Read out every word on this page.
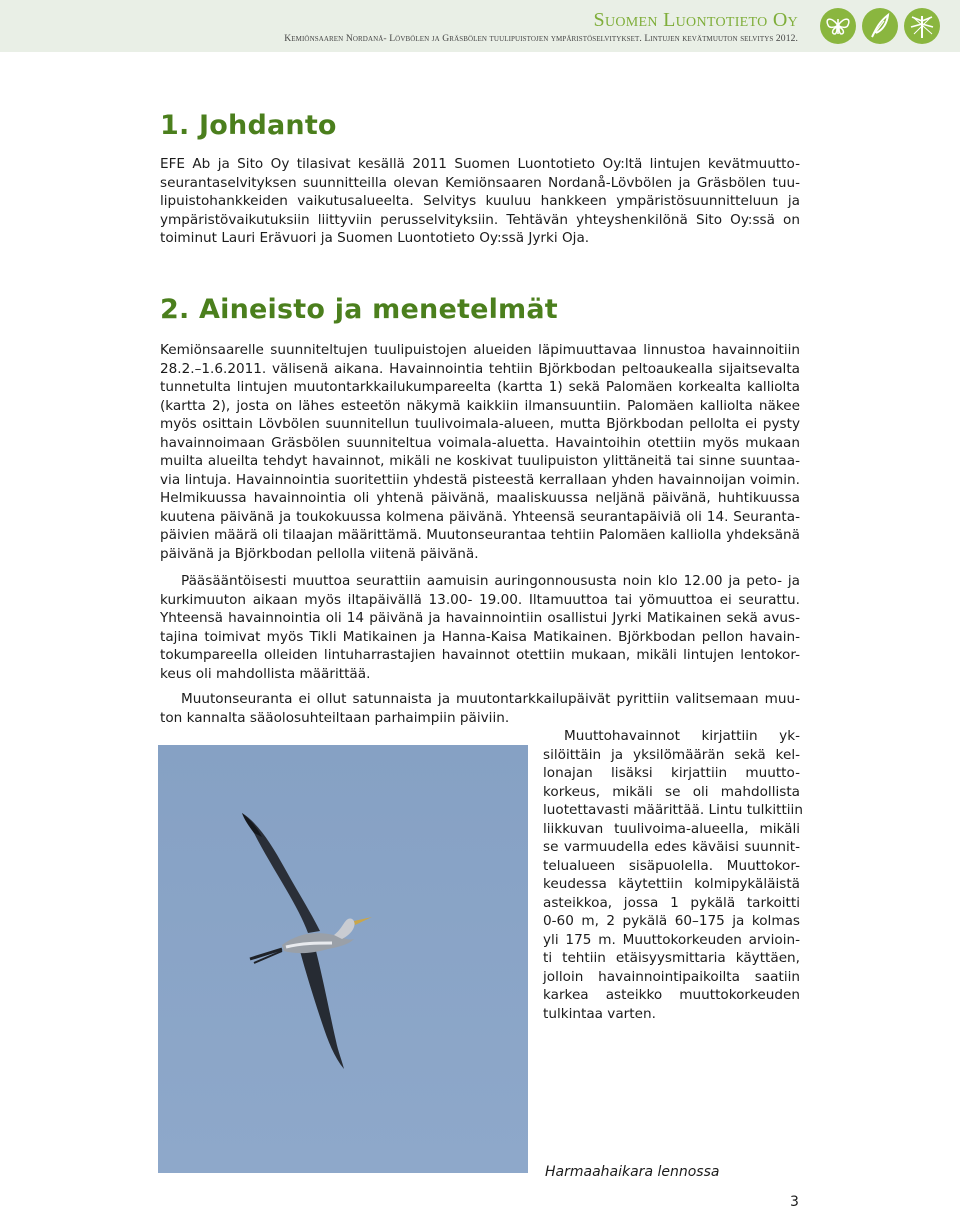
Suomen Luontotieto Oy
Kemiönsaaren Nordanå- Lövbölen ja Gräsbölen tuulipuistojen ympäristöselvitykset. Lintujen kevätmuuton selvitys 2012.
1. Johdanto
EFE Ab ja Sito Oy tilasivat kesällä 2011 Suomen Luontotieto Oy:ltä lintujen kevätmuutto-
seurantaselvityksen suunnitteilla olevan Kemiönsaaren Nordanå-Lövbölen ja Gräsbölen tuu-
lipuistohankkeiden vaikutusalueelta. Selvitys kuuluu hankkeen ympäristösuunnitteluun ja
ympäristövaikutuksiin liittyviin perusselvityksiin. Tehtävän yhteyshenkilönä Sito Oy:ssä on
toiminut Lauri Erävuori ja Suomen Luontotieto Oy:ssä Jyrki Oja.
2. Aineisto ja menetelmät
Kemiönsaarelle suunniteltujen tuulipuistojen alueiden läpimuuttavaa linnustoa havainnoitiin
28.2.–1.6.2011. välisenä aikana. Havainnointia tehtiin Björkbodan peltoaukealla sijaitsevalta
tunnetulta lintujen muutontarkkailukumpareelta (kartta 1) sekä Palomäen korkealta kalliolta
(kartta 2), josta on lähes esteetön näkymä kaikkiin ilmansuuntiin. Palomäen kalliolta näkee
myös osittain Lövbölen suunnitellun tuulivoimala-alueen, mutta Björkbodan pellolta ei pysty
havainnoimaan Gräsbölen suunniteltua voimala-aluetta. Havaintoihin otettiin myös mukaan
muilta alueilta tehdyt havainnot, mikäli ne koskivat tuulipuiston ylittäneitä tai sinne suuntaa-
via lintuja. Havainnointia suoritettiin yhdestä pisteestä kerrallaan yhden havainnoijan voimin.
Helmikuussa havainnointia oli yhtenä päivänä, maaliskuussa neljänä päivänä, huhtikuussa
kuutena päivänä ja toukokuussa kolmena päivänä. Yhteensä seurantapäiviä oli 14. Seuranta-
päivien määrä oli tilaajan määrittämä. Muutonseurantaa tehtiin Palomäen kalliolla yhdeksänä
päivänä ja Björkbodan pellolla viitenä päivänä.
Pääsääntöisesti muuttoa seurattiin aamuisin auringonnoususta noin klo 12.00 ja peto- ja
kurkimuuton aikaan myös iltapäivällä 13.00- 19.00. Iltamuuttoa tai yömuuttoa ei seurattu.
Yhteensä havainnointia oli 14 päivänä ja havainnointiin osallistui Jyrki Matikainen sekä avus-
tajina toimivat myös Tikli Matikainen ja Hanna-Kaisa Matikainen. Björkbodan pellon havain-
tokumpareella olleiden lintuharrastajien havainnot otettiin mukaan, mikäli lintujen lentokor-
keus oli mahdollista määrittää.
Muutonseuranta ei ollut satunnaista ja muutontarkkailupäivät pyrittiin valitsemaan muu-
ton kannalta sääolosuhteiltaan parhaimpiin päiviin.
Muuttohavainnot kirjattiin yk-
silöittäin ja yksilömäärän sekä kel-
lonajan lisäksi kirjattiin muutto-
korkeus, mikäli se oli mahdollista
luotettavasti määrittää. Lintu tulkittiin
liikkuvan tuulivoima-alueella, mikäli
se varmuudella edes käväisi suunnit-
telualueen sisäpuolella. Muuttokor-
keudessa käytettiin kolmipykäläistä
asteikkoa, jossa 1 pykälä tarkoitti
0-60 m, 2 pykälä 60–175 ja kolmas
yli 175 m. Muuttokorkeuden arvioin-
ti tehtiin etäisyysmittaria käyttäen,
jolloin havainnointipaikoilta saatiin
karkea asteikko muuttokorkeuden
tulkintaa varten.
Harmaahaikara lennossa
3
